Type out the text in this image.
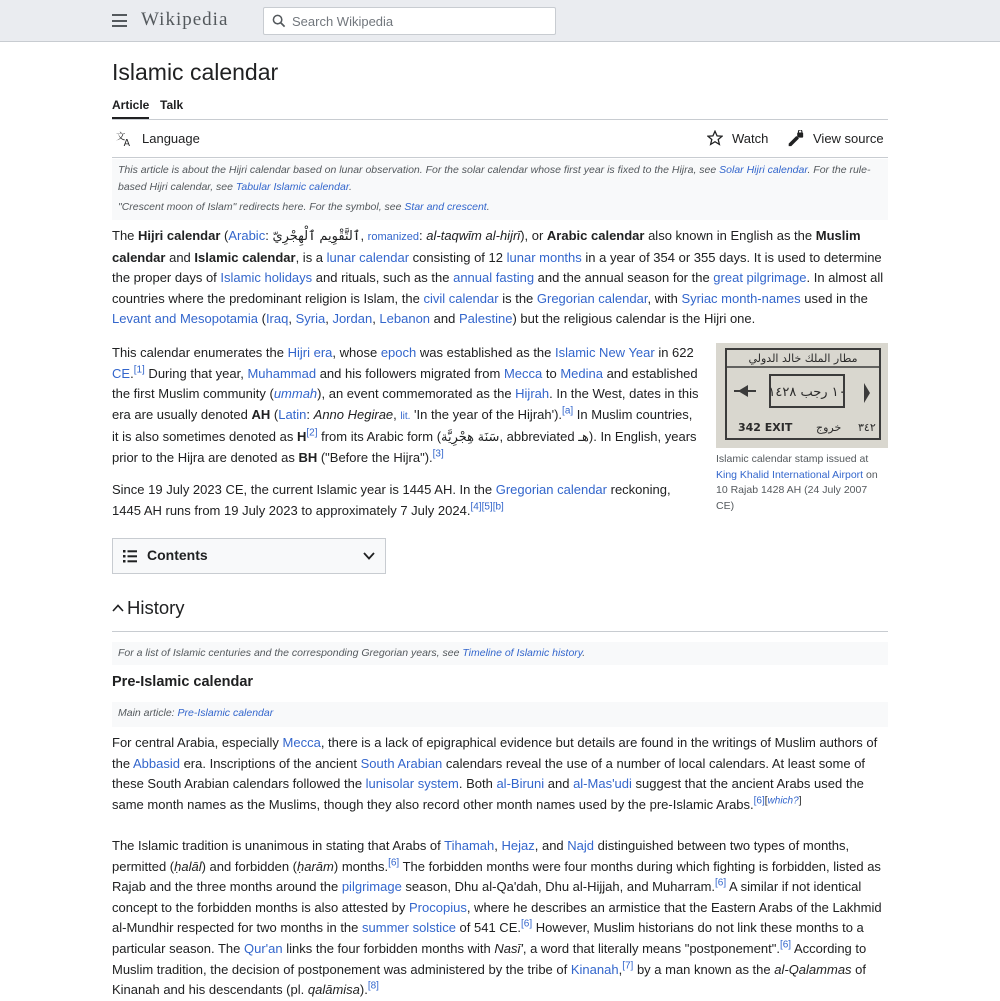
Wikipedia
Search Wikipedia
Islamic calendar
Article Talk
文
A Language	Watch	View source

This article is about the Hijri calendar based on lunar observation. For the solar calendar whose first year is fixed to the Hijra, see Solar Hijri calendar. For the rule-based Hijri calendar, see Tabular Islamic calendar.

"Crescent moon of Islam" redirects here. For the symbol, see Star and crescent.

The Hijri calendar (Arabic: ٱلتَّقْوِيم ٱلْهِجْرِيّ, romanized: al-taqwīm al-hijrī), or Arabic calendar also known in English as the Muslim calendar and Islamic calendar, is a lunar calendar consisting of 12 lunar months in a year of 354 or 355 days. It is used to determine the proper days of Islamic holidays and rituals, such as the annual fasting and the annual season for the great pilgrimage. In almost all countries where the predominant religion is Islam, the civil calendar is the Gregorian calendar, with Syriac month-names used in the Levant and Mesopotamia (Iraq, Syria, Jordan, Lebanon and Palestine) but the religious calendar is the Hijri one.

This calendar enumerates the Hijri era, whose epoch was established as the Islamic New Year in 622 CE.[1] During that year, Muhammad and his followers migrated from Mecca to Medina and established the first Muslim community (ummah), an event commemorated as the Hijrah. In the West, dates in this era are usually denoted AH (Latin: Anno Hegirae, lit. 'In the year of the Hijrah').[a] In Muslim countries, it is also sometimes denoted as H[2] from its Arabic form (سَنَة هِجْرِيَّة, abbreviated هـ). In English, years prior to the Hijra are denoted as BH ("Before the Hijra").[3]

Since 19 July 2023 CE, the current Islamic year is 1445 AH. In the Gregorian calendar reckoning, 1445 AH runs from 19 July 2023 to approximately 7 July 2024.[4][5][b]

مطار الملك خالد الدولي
١٠ رجب ١٤٢٨
342 EXIT خروج ٣٤٢
Islamic calendar stamp issued at
King Khalid International Airport on 10 Rajab 1428 AH (24 July 2007 CE)
Contents
History
For a list of Islamic centuries and the corresponding Gregorian years, see Timeline of Islamic history.
Pre-Islamic calendar
Main article: Pre-Islamic calendar

For central Arabia, especially Mecca, there is a lack of epigraphical evidence but details are found in the writings of Muslim authors of the Abbasid era. Inscriptions of the ancient South Arabian calendars reveal the use of a number of local calendars. At least some of these South Arabian calendars followed the lunisolar system. Both al-Biruni and al-Mas'udi suggest that the ancient Arabs used the same month names as the Muslims, though they also record other month names used by the pre-Islamic Arabs.[6][which?]

The Islamic tradition is unanimous in stating that Arabs of Tihamah, Hejaz, and Najd distinguished between two types of months, permitted (ḥalāl) and forbidden (ḥarām) months.[6] The forbidden months were four months during which fighting is forbidden, listed as Rajab and the three months around the pilgrimage season, Dhu al-Qa'dah, Dhu al-Hijjah, and Muharram.[6] A similar if not identical concept to the forbidden months is also attested by Procopius, where he describes an armistice that the Eastern Arabs of the Lakhmid al-Mundhir respected for two months in the summer solstice of 541 CE.[6] However, Muslim historians do not link these months to a particular season. The Qur'an links the four forbidden months with Nasī', a word that literally means "postponement".[6] According to Muslim tradition, the decision of postponement was administered by the tribe of Kinanah,[7] by a man known as the al-Qalammas of Kinanah and his descendants (pl. qalāmisa).[8]
